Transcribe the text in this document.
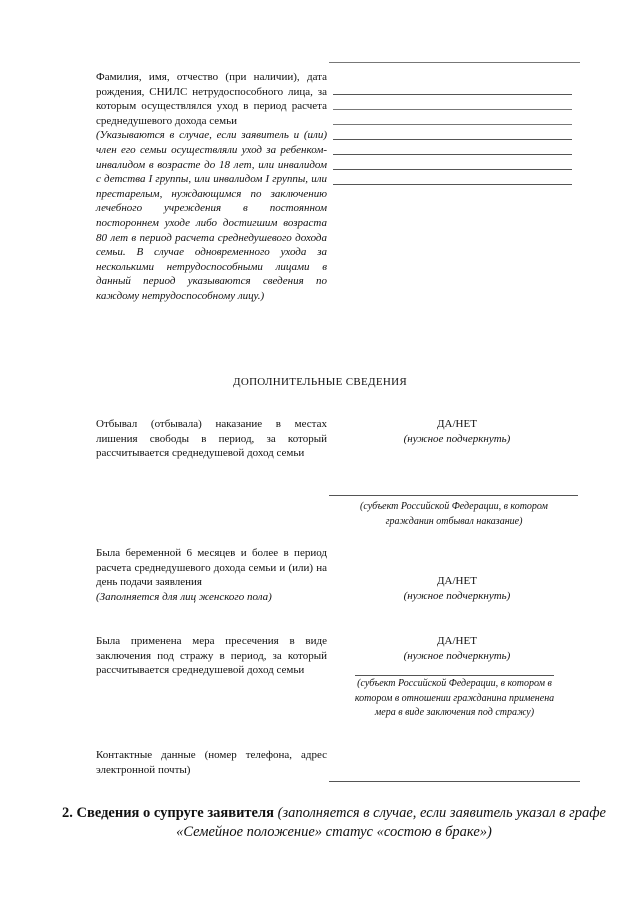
Фамилия, имя, отчество (при наличии), дата рождения, СНИЛС нетрудоспособного лица, за которым осуществлялся уход в период расчета среднедушевого дохода семьи

(Указываются в случае, если заявитель и (или) член его семьи осуществляли уход за ребенком-инвалидом в возрасте до 18 лет, или инвалидом с детства I группы, или инвалидом I группы, или престарелым, нуждающимся по заключению лечебного учреждения в постоянном постороннем уходе либо достигшим возраста 80 лет в период расчета среднедушевого дохода семьи. В случае одновременного ухода за несколькими нетрудоспособными лицами в данный период указываются сведения по каждому нетрудоспособному лицу.)

ДОПОЛНИТЕЛЬНЫЕ СВЕДЕНИЯ
Отбывал (отбывала) наказание в местах лишения свободы в период, за который рассчитывается среднедушевой доход семьи
ДА/НЕТ
(нужное подчеркнуть)
(субъект Российской Федерации, в котором гражданин отбывал наказание)

Была беременной 6 месяцев и более в период расчета среднедушевого дохода семьи и (или) на день подачи заявления

(Заполняется для лиц женского пола)

ДА/НЕТ
(нужное подчеркнуть)
Была применена мера пресечения в виде заключения под стражу в период, за который рассчитывается среднедушевой доход семьи
ДА/НЕТ
(нужное подчеркнуть)
(субъект Российской Федерации, в котором в котором в отношении гражданина применена мера в виде заключения под стражу)
Контактные данные (номер телефона, адрес электронной почты)
2. Сведения о супруге заявителя (заполняется в случае, если заявитель указал в графе «Семейное положение» статус «состою в браке»)
